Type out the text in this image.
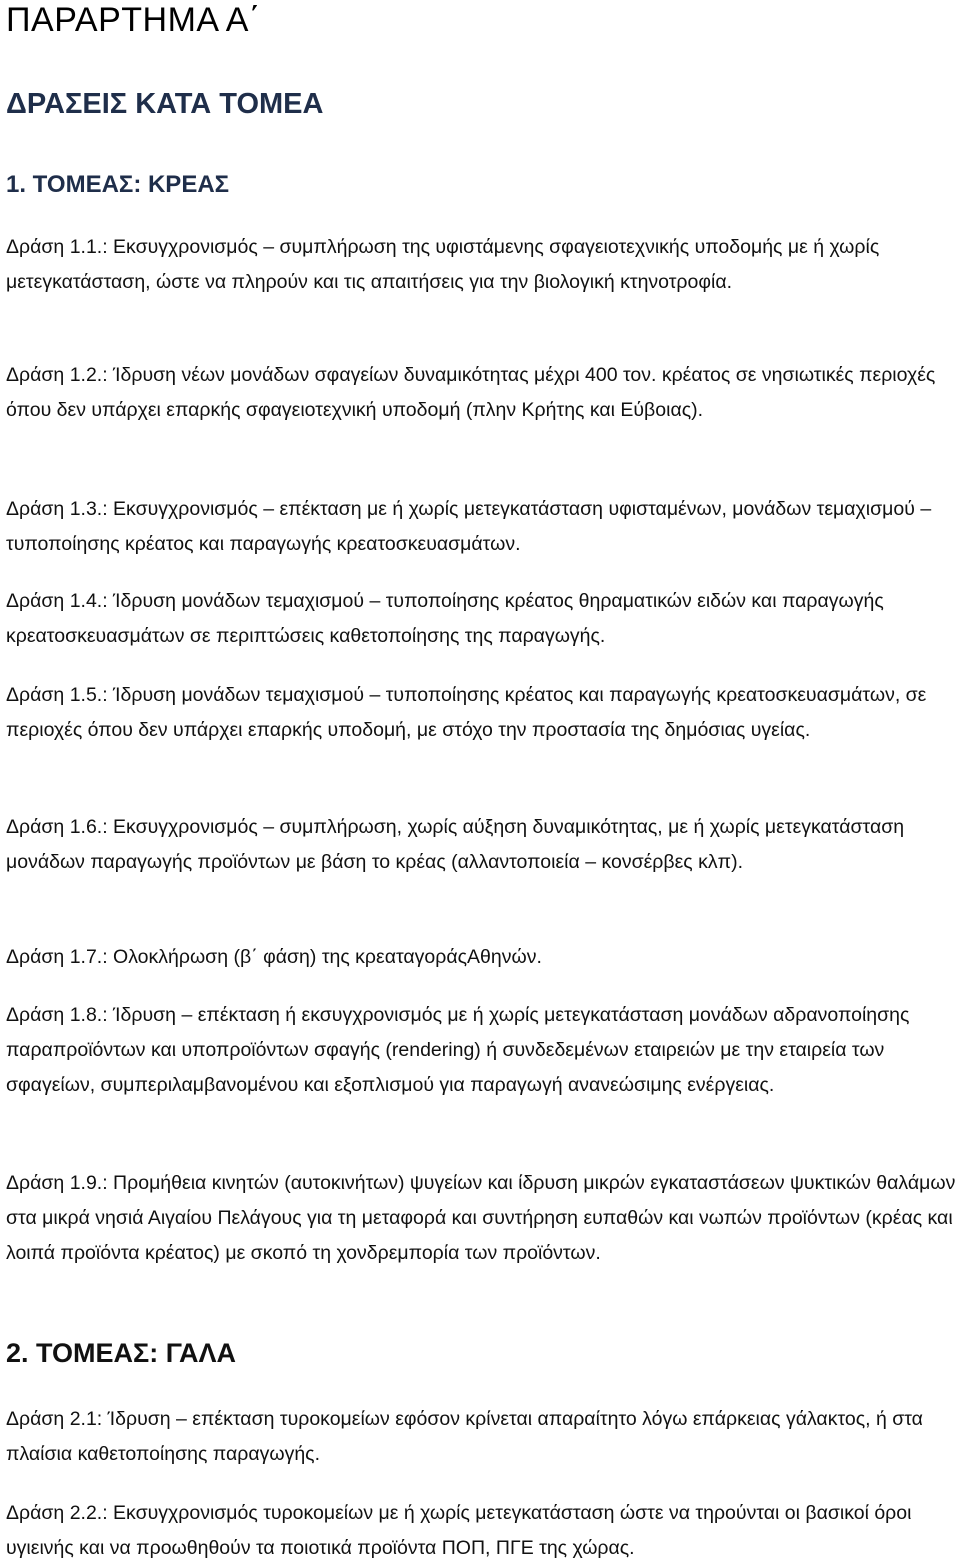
ΠΑΡΑΡΤΗΜΑ Α΄
ΔΡΑΣΕΙΣ ΚΑΤΑ ΤΟΜΕΑ
1. ΤΟΜΕΑΣ: ΚΡΕΑΣ

Δράση 1.1.: Εκσυγχρονισμός ‒ συμπλήρωση της υφιστάμενης σφαγειοτεχνικής υποδομής με ή χωρίς μετεγκατάσταση, ώστε να πληρούν και τις απαιτήσεις για την βιολογική κτηνοτροφία.

Δράση 1.2.: Ίδρυση νέων μονάδων σφαγείων δυναμικότητας μέχρι 400 τον. κρέατος σε νησιωτικές περιοχές όπου δεν υπάρχει επαρκής σφαγειοτεχνική υποδομή (πλην Κρήτης και Εύβοιας).

Δράση 1.3.: Εκσυγχρονισμός – επέκταση με ή χωρίς μετεγκατάσταση υφισταμένων, μονάδων τεμαχισμού ‒ τυποποίησης κρέατος και παραγωγής κρεατοσκευασμάτων.

Δράση 1.4.: Ίδρυση μονάδων τεμαχισμού – τυποποίησης κρέατος θηραματικών ειδών και παραγωγής κρεατοσκευασμάτων σε περιπτώσεις καθετοποίησης της παραγωγής.

Δράση 1.5.: Ίδρυση μονάδων τεμαχισμού – τυποποίησης κρέατος και παραγωγής κρεατοσκευασμάτων, σε περιοχές όπου δεν υπάρχει επαρκής υποδομή, με στόχο την προστασία της δημόσιας υγείας.

Δράση 1.6.: Εκσυγχρονισμός – συμπλήρωση, χωρίς αύξηση δυναμικότητας, με ή χωρίς μετεγκατάσταση μονάδων παραγωγής προϊόντων με βάση το κρέας (αλλαντοποιεία – κονσέρβες κλπ).

Δράση 1.7.: Ολοκλήρωση (β΄ φάση) της κρεαταγοράςΑθηνών.

Δράση 1.8.: Ίδρυση – επέκταση ή εκσυγχρονισμός με ή χωρίς μετεγκατάσταση μονάδων αδρανοποίησης παραπροϊόντων και υποπροϊόντων σφαγής (rendering) ή συνδεδεμένων εταιρειών με την εταιρεία των σφαγείων, συμπεριλαμβανομένου και εξοπλισμού για παραγωγή ανανεώσιμης ενέργειας.

Δράση 1.9.: Προμήθεια κινητών (αυτοκινήτων) ψυγείων και ίδρυση μικρών εγκαταστάσεων ψυκτικών θαλάμων στα μικρά νησιά Αιγαίου Πελάγους για τη μεταφορά και συντήρηση ευπαθών και νωπών προϊόντων (κρέας και λοιπά προϊόντα κρέατος) με σκοπό τη χονδρεμπορία των προϊόντων.

2. ΤΟΜΕΑΣ: ΓΑΛΑ

Δράση 2.1: Ίδρυση ‒ επέκταση τυροκομείων εφόσον κρίνεται απαραίτητο λόγω επάρκειας γάλακτος, ή στα πλαίσια καθετοποίησης παραγωγής.

Δράση 2.2.: Εκσυγχρονισμός τυροκομείων με ή χωρίς μετεγκατάσταση ώστε να τηρούνται οι βασικοί όροι υγιεινής και να προωθηθούν τα ποιοτικά προϊόντα ΠΟΠ, ΠΓΕ της χώρας.
